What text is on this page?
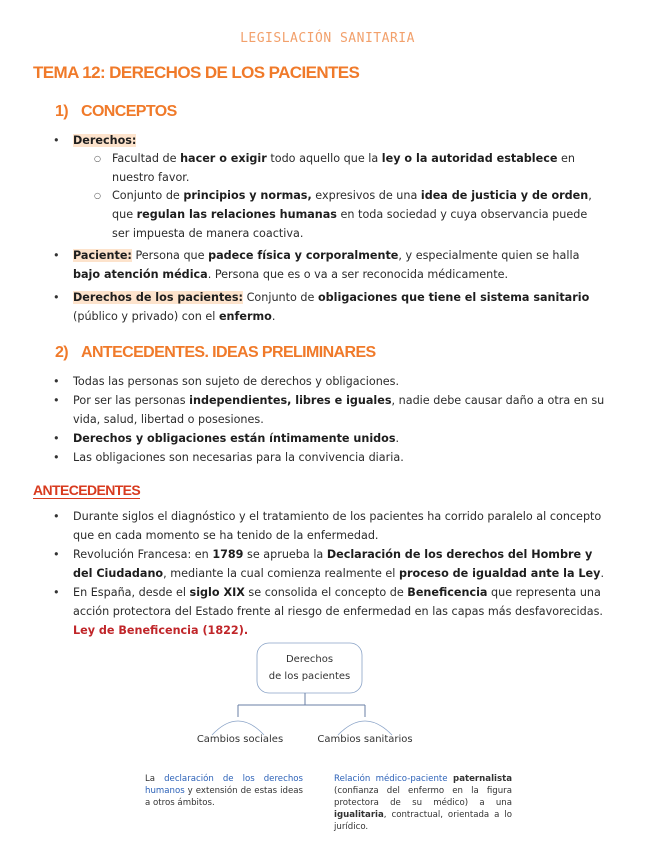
LEGISLACIÓN SANITARIA
TEMA 12: DERECHOS DE LOS PACIENTES
1) CONCEPTOS
• Derechos:
○ Facultad de hacer o exigir todo aquello que la ley o la autoridad establece en nuestro favor.
○ Conjunto de principios y normas, expresivos de una idea de justicia y de orden, que regulan las relaciones humanas en toda sociedad y cuya observancia puede ser impuesta de manera coactiva.
• Paciente: Persona que padece física y corporalmente, y especialmente quien se halla bajo atención médica. Persona que es o va a ser reconocida médicamente.
• Derechos de los pacientes: Conjunto de obligaciones que tiene el sistema sanitario (público y privado) con el enfermo.
2) ANTECEDENTES. IDEAS PRELIMINARES
• Todas las personas son sujeto de derechos y obligaciones.
• Por ser las personas independientes, libres e iguales, nadie debe causar daño a otra en su vida, salud, libertad o posesiones.
• Derechos y obligaciones están íntimamente unidos.
• Las obligaciones son necesarias para la convivencia diaria.
ANTECEDENTES
• Durante siglos el diagnóstico y el tratamiento de los pacientes ha corrido paralelo al concepto que en cada momento se ha tenido de la enfermedad.
• Revolución Francesa: en 1789 se aprueba la Declaración de los derechos del Hombre y del Ciudadano, mediante la cual comienza realmente el proceso de igualdad ante la Ley.
• En España, desde el siglo XIX se consolida el concepto de Beneficencia que representa una acción protectora del Estado frente al riesgo de enfermedad en las capas más desfavorecidas. Ley de Beneficencia (1822).
Derechos
de los pacientes
Cambios sociales	Cambios sanitarios
La declaración de los derechos humanos y extensión de estas ideas a otros ámbitos.
Relación médico-paciente paternalista (confianza del enfermo en la figura protectora de su médico) a una igualitaria, contractual, orientada a lo jurídico.
